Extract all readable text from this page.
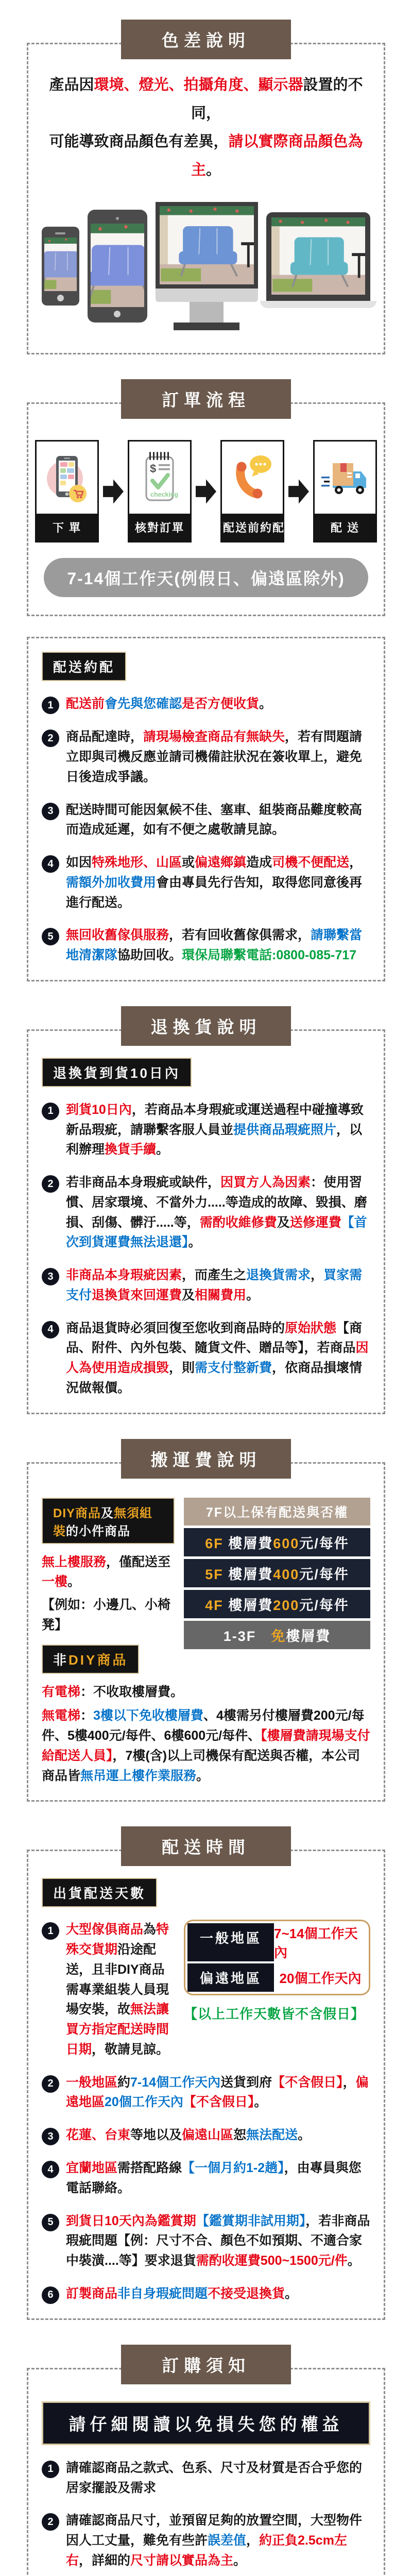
色差說明

產品因環境、燈光、拍攝角度、顯示器設置的不同，

可能導致商品顏色有差異，請以實際商品顏色為主。

訂單流程
下 單
$
checking
核對訂單	配送前約配	配 送
7-14個工作天(例假日、偏遠區除外)
配送約配
1 配送前會先與您確認是否方便收貨。

2 商品配達時，請現場檢查商品有無缺失，若有問題請立即與司機反應並請司機備註狀況在簽收單上，避免日後造成爭議。

3 配送時間可能因氣候不佳、塞車、組裝商品難度較高而造成延遲，如有不便之處敬請見諒。

4 如因特殊地形、山區或偏遠鄉鎮造成司機不便配送，需額外加收費用會由專員先行告知，取得您同意後再進行配送。

5 無回收舊傢俱服務，若有回收舊傢俱需求，請聯繫當地清潔隊協助回收。環保局聯繫電話:0800-085-717

退換貨說明
退換貨到貨10日內
1 到貨10日內，若商品本身瑕疵或運送過程中碰撞導致新品瑕疵，請聯繫客服人員並提供商品瑕疵照片，以利辦理換貨手續。

2 若非商品本身瑕疵或缺件，因買方人為因素：使用習慣、居家環境、不當外力.....等造成的故障、毀損、磨損、刮傷、髒汙.....等，需酌收維修費及送修運費【首次到貨運費無法退還】。

3 非商品本身瑕疵因素，而產生之退換貨需求，買家需支付退換貨來回運費及相關費用。

4 商品退貨時必須回復至您收到商品時的原始狀態【商品、附件、內外包裝、隨貨文件、贈品等】，若商品因人為使用造成損毀，則需支付整新費，依商品損壞情況做報價。

搬運費說明
DIY商品及無須組裝的小件商品

無上樓服務，僅配送至一樓。

【例如：小邊几、小椅凳】

非DIY商品
7F以上保有配送與否權
6F 樓層費600元/每件
5F 樓層費400元/每件
4F 樓層費200元/每件
1-3F　免樓層費

有電梯：不收取樓層費。

無電梯：3樓以下免收樓層費、4樓需另付樓層費200元/每件、5樓400元/每件、6樓600元/每件、【樓層費請現場支付給配送人員】，7樓(含)以上司機保有配送與否權，本公司商品皆無吊運上樓作業服務。

配送時間
出貨配送天數
1 大型傢俱商品為特殊交貨期沿途配送，且非DIY商品需專業組裝人員現場安裝，故無法讓買方指定配送時間日期，敬請見諒。

一般地區 7~14個工作天內
偏遠地區	20個工作天內

【以上工作天數皆不含假日】

2 一般地區約7-14個工作天內送貨到府【不含假日】，偏遠地區20個工作天內【不含假日】。

3 花蓮、台東等地以及偏遠山區恕無法配送。

4 宜蘭地區需搭配路線【一個月約1-2趟】，由專員與您電話聯絡。

5 到貨日10天內為鑑賞期【鑑賞期非試用期】，若非商品瑕疵問題【例：尺寸不合、顏色不如預期、不適合家中裝潢....等】要求退貨需酌收運費500~1500元/件。

6 訂製商品非自身瑕疵問題不接受退換貨。

訂購須知
請仔細閱讀以免損失您的權益
1 請確認商品之款式、色系、尺寸及材質是否合乎您的居家擺設及需求

2 請確認商品尺寸，並預留足夠的放置空間，大型物件因人工丈量，難免有些許誤差值，約正負2.5cm左右，詳細的尺寸請以實品為主。
